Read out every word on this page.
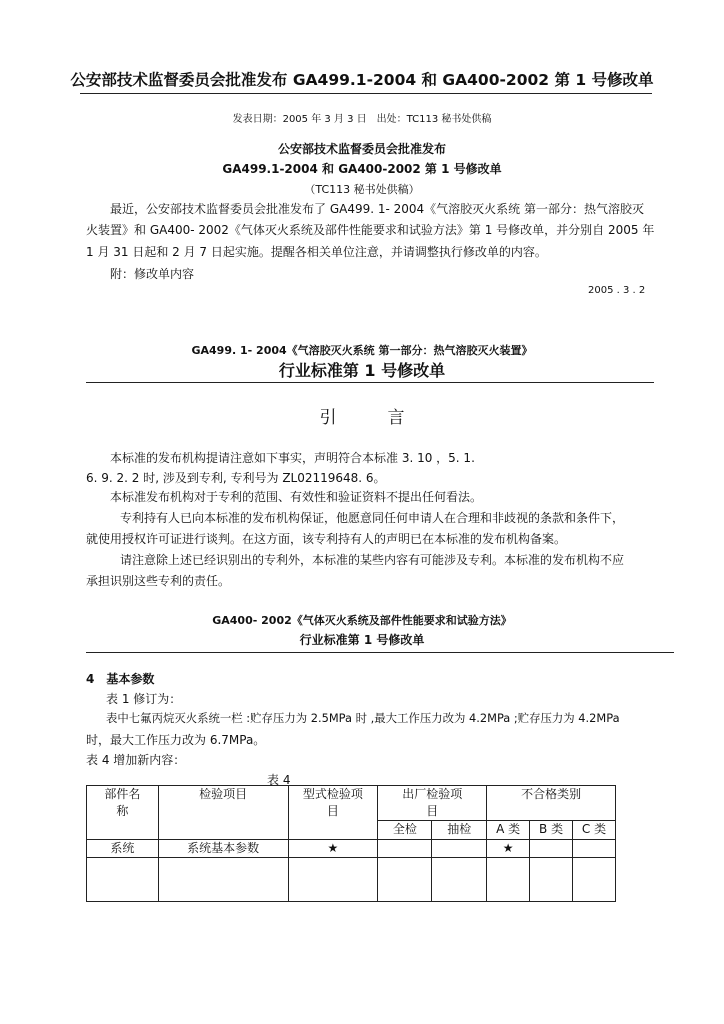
公安部技术监督委员会批准发布 GA499.1-2004 和 GA400-2002 第 1 号修改单
发表日期：2005 年 3 月 3 日　出处：TC113 秘书处供稿
公安部技术监督委员会批准发布
GA499.1-2004 和 GA400-2002 第 1 号修改单
（TC113 秘书处供稿）
最近，公安部技术监督委员会批准发布了 GA499. 1- 2004《气溶胶灭火系统 第一部分：热气溶胶灭
火装置》和 GA400- 2002《气体灭火系统及部件性能要求和试验方法》第 1 号修改单，并分别自 2005 年
1 月 31 日起和 2 月 7 日起实施。提醒各相关单位注意，并请调整执行修改单的内容。
附：修改单内容
2005 . 3 . 2
GA499. 1- 2004《气溶胶灭火系统 第一部分：热气溶胶灭火装置》
行业标准第 1 号修改单
引　　　言
本标准的发布机构提请注意如下事实，声明符合本标准 3. 10 ，5. 1.
6. 9. 2. 2 时, 涉及到专利, 专利号为 ZL02119648. 6。
本标准发布机构对于专利的范围、有效性和验证资料不提出任何看法。
专利持有人已向本标准的发布机构保证，他愿意同任何申请人在合理和非歧视的条款和条件下，
就使用授权许可证进行谈判。在这方面，该专利持有人的声明已在本标准的发布机构备案。
请注意除上述已经识别出的专利外，本标准的某些内容有可能涉及专利。本标准的发布机构不应
承担识别这些专利的责任。
GA400- 2002《气体灭火系统及部件性能要求和试验方法》
行业标准第 1 号修改单
4　基本参数
表 1 修订为：
表中七氟丙烷灭火系统一栏 :贮存压力为 2.5MPa 时 ,最大工作压力改为 4.2MPa ;贮存压力为 4.2MPa
时，最大工作压力改为 6.7MPa。
表 4 增加新内容：
表 4
部件名称	检验项目	型式检验项　目	出厂检验项　目		不合格类别		
			全检	抽检	A 类	B 类	C 类
系统	系统基本参数	★			★		
